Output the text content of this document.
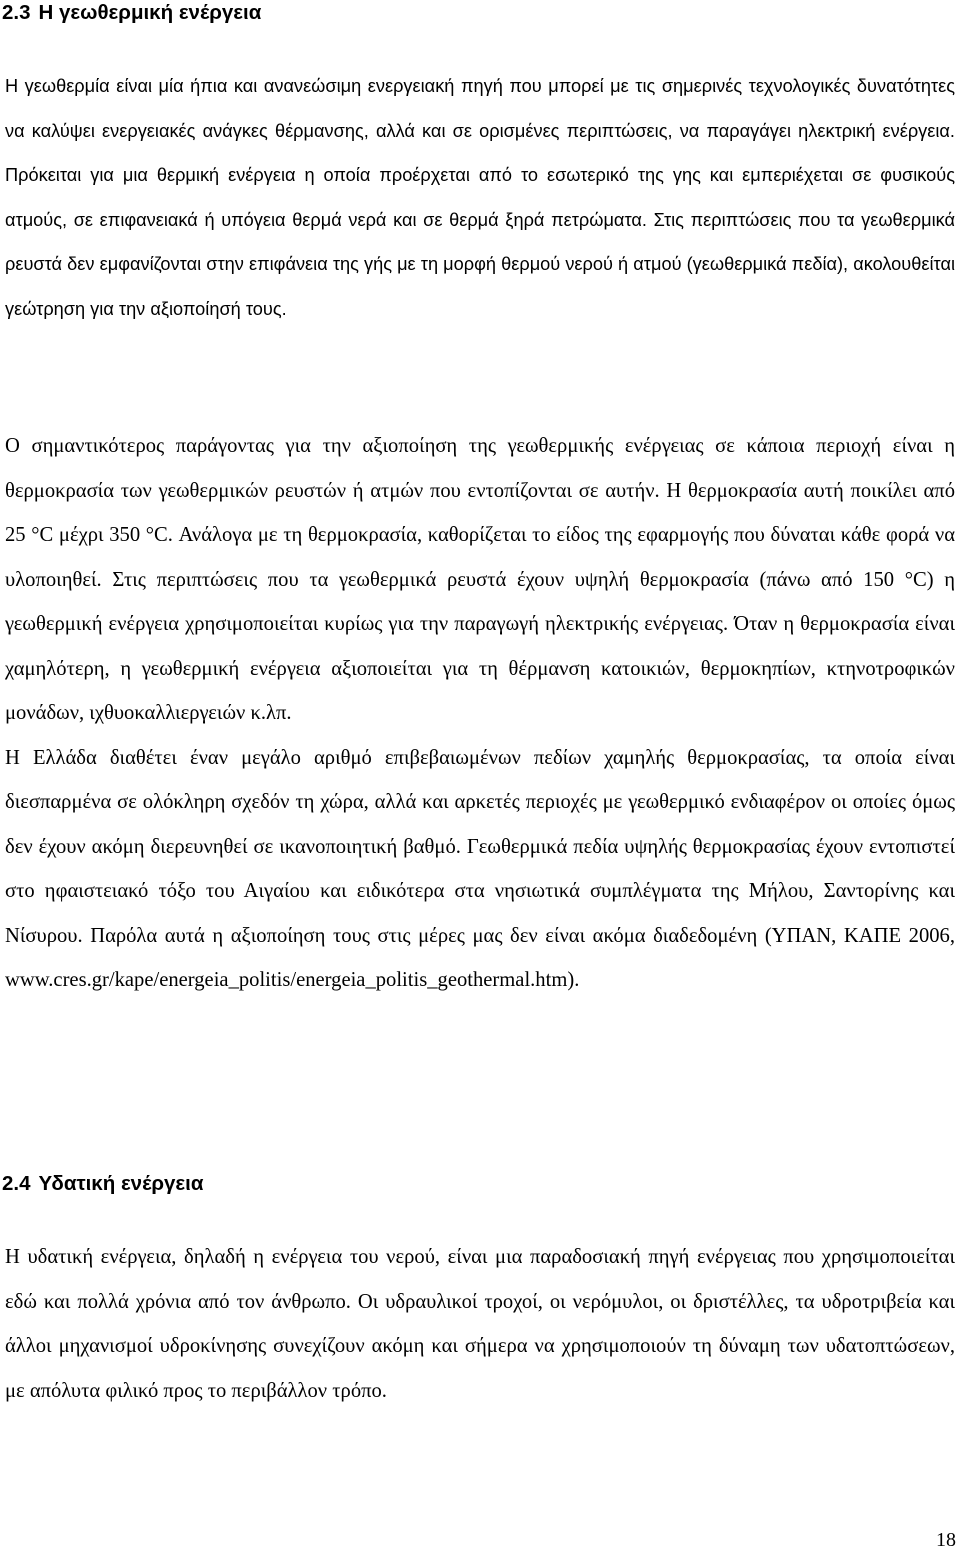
2.3 Η γεωθερμική ενέργεια

Η γεωθερμία είναι μία ήπια και ανανεώσιμη ενεργειακή πηγή που μπορεί με τις σημερινές τεχνολογικές δυνατότητες να καλύψει ενεργειακές ανάγκες θέρμανσης, αλλά και σε ορισμένες περιπτώσεις, να παραγάγει ηλεκτρική ενέργεια. Πρόκειται για μια θερμική ενέργεια η οποία προέρχεται από το εσωτερικό της γης και εμπεριέχεται σε φυσικούς ατμούς, σε επιφανειακά ή υπόγεια θερμά νερά και σε θερμά ξηρά πετρώματα. Στις περιπτώσεις που τα γεωθερμικά ρευστά δεν εμφανίζονται στην επιφάνεια της γής με τη μορφή θερμού νερού ή ατμού (γεωθερμικά πεδία), ακολουθείται γεώτρηση για την αξιοποίησή τους.

Ο σημαντικότερος παράγοντας για την αξιοποίηση της γεωθερμικής ενέργειας σε κάποια περιοχή είναι η θερμοκρασία των γεωθερμικών ρευστών ή ατμών που εντοπίζονται σε αυτήν. Η θερμοκρασία αυτή ποικίλει από 25 °C μέχρι 350 °C. Ανάλογα με τη θερμοκρασία, καθορίζεται το είδος της εφαρμογής που δύναται κάθε φορά να υλοποιηθεί. Στις περιπτώσεις που τα γεωθερμικά ρευστά έχουν υψηλή θερμοκρασία (πάνω από 150 °C) η γεωθερμική ενέργεια χρησιμοποιείται κυρίως για την παραγωγή ηλεκτρικής ενέργειας. Όταν η θερμοκρασία είναι χαμηλότερη, η γεωθερμική ενέργεια αξιοποιείται για τη θέρμανση κατοικιών, θερμοκηπίων, κτηνοτροφικών μονάδων, ιχθυοκαλλιεργειών κ.λπ.
Η Ελλάδα διαθέτει έναν μεγάλο αριθμό επιβεβαιωμένων πεδίων χαμηλής θερμοκρασίας, τα οποία είναι διεσπαρμένα σε ολόκληρη σχεδόν τη χώρα, αλλά και αρκετές περιοχές με γεωθερμικό ενδιαφέρον οι οποίες όμως δεν έχουν ακόμη διερευνηθεί σε ικανοποιητική βαθμό. Γεωθερμικά πεδία υψηλής θερμοκρασίας έχουν εντοπιστεί στο ηφαιστειακό τόξο του Αιγαίου και ειδικότερα στα νησιωτικά συμπλέγματα της Μήλου, Σαντορίνης και Νίσυρου. Παρόλα αυτά η αξιοποίηση τους στις μέρες μας δεν είναι ακόμα διαδεδομένη (ΥΠΑΝ, ΚΑΠΕ 2006, www.cres.gr/kape/energeia_politis/energeia_politis_geothermal.htm).

2.4 Υδατική ενέργεια

Η υδατική ενέργεια, δηλαδή η ενέργεια του νερού, είναι μια παραδοσιακή πηγή ενέργειας που χρησιμοποιείται εδώ και πολλά χρόνια από τον άνθρωπο. Οι υδραυλικοί τροχοί, οι νερόμυλοι, οι δριστέλλες, τα υδροτριβεία και άλλοι μηχανισμοί υδροκίνησης συνεχίζουν ακόμη και σήμερα να χρησιμοποιούν τη δύναμη των υδατοπτώσεων, με απόλυτα φιλικό προς το περιβάλλον τρόπο.

18
